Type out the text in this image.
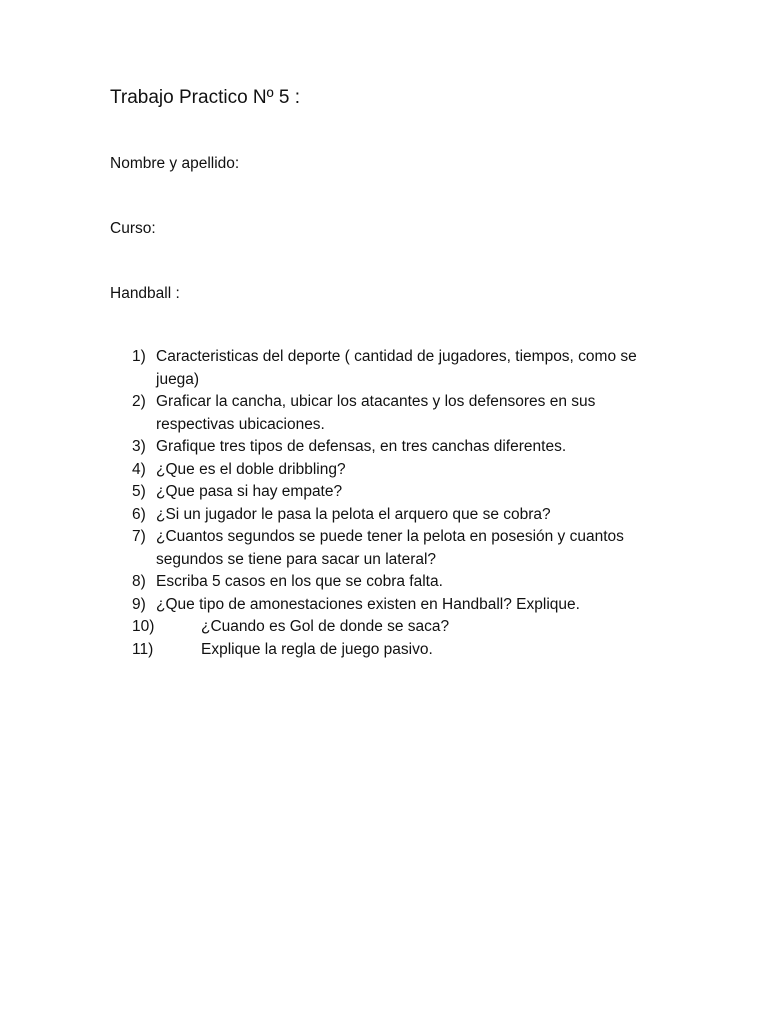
Trabajo Practico Nº 5 :
Nombre y apellido:
Curso:
Handball :
1) Caracteristicas del deporte ( cantidad de jugadores, tiempos, como se juega)
2) Graficar la cancha, ubicar los atacantes y los defensores en sus respectivas ubicaciones.
3) Grafique tres tipos de defensas, en tres canchas diferentes.
4) ¿Que es el doble dribbling?
5) ¿Que pasa si hay empate?
6) ¿Si un jugador le pasa la pelota el arquero que se cobra?
7) ¿Cuantos segundos se puede tener la pelota en posesión y cuantos segundos se tiene para sacar un lateral?
8) Escriba 5 casos en los que se cobra falta.
9) ¿Que tipo de amonestaciones existen en Handball? Explique.
10)	¿Cuando es Gol de donde se saca?
11)	Explique la regla de juego pasivo.
